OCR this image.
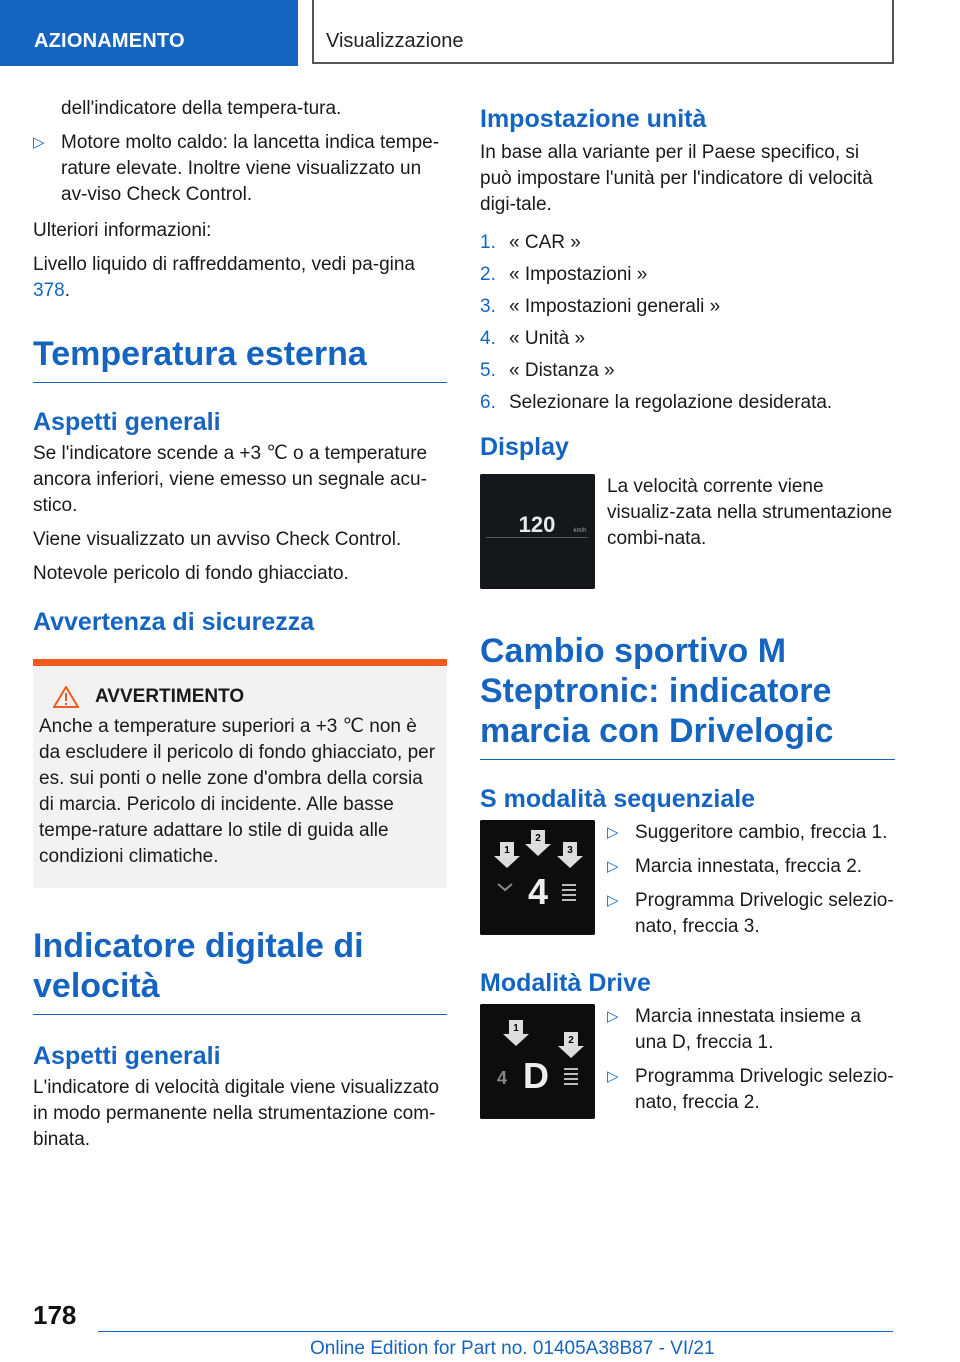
AZIONAMENTO	Visualizzazione

dell'indicatore della tempera-tura.

▷ Motore molto caldo: la lancetta indica tempe-rature elevate. Inoltre viene visualizzato un av-viso Check Control.

Ulteriori informazioni:

Livello liquido di raffreddamento, vedi pa-gina 378.

Temperatura esterna
Aspetti generali

Se l'indicatore scende a +3 ℃ o a temperature ancora inferiori, viene emesso un segnale acu-stico.

Viene visualizzato un avviso Check Control.

Notevole pericolo di fondo ghiacciato.

Avvertenza di sicurezza
AVVERTIMENTO

Anche a temperature superiori a +3 ℃ non è da escludere il pericolo di fondo ghiacciato, per es. sui ponti o nelle zone d'ombra della corsia di marcia. Pericolo di incidente. Alle basse tempe-rature adattare lo stile di guida alle condizioni climatiche.

Indicatore digitale di velocità
Aspetti generali

L'indicatore di velocità digitale viene visualizzato in modo permanente nella strumentazione com-binata.

Impostazione unità

In base alla variante per il Paese specifico, si può impostare l'unità per l'indicatore di velocità digi-tale.

1. « CAR »
2. « Impostazioni »
3. « Impostazioni generali »
4. « Unità »
5. « Distanza »
6. Selezionare la regolazione desiderata.
Display
120	km/h

La velocità corrente viene visualiz-zata nella strumentazione combi-nata.

Cambio sportivo M Steptronic: indicatore marcia con Drivelogic
S modalità sequenziale
1
2
3
4
▷ Suggeritore cambio, freccia 1.
▷ Marcia innestata, freccia 2.
▷ Programma Drivelogic selezio-nato, freccia 3.
Modalità Drive
1
2
4 D
▷ Marcia innestata insieme a una D, freccia 1.
▷ Programma Drivelogic selezio-nato, freccia 2.
178
Online Edition for Part no. 01405A38B87 - VI/21
